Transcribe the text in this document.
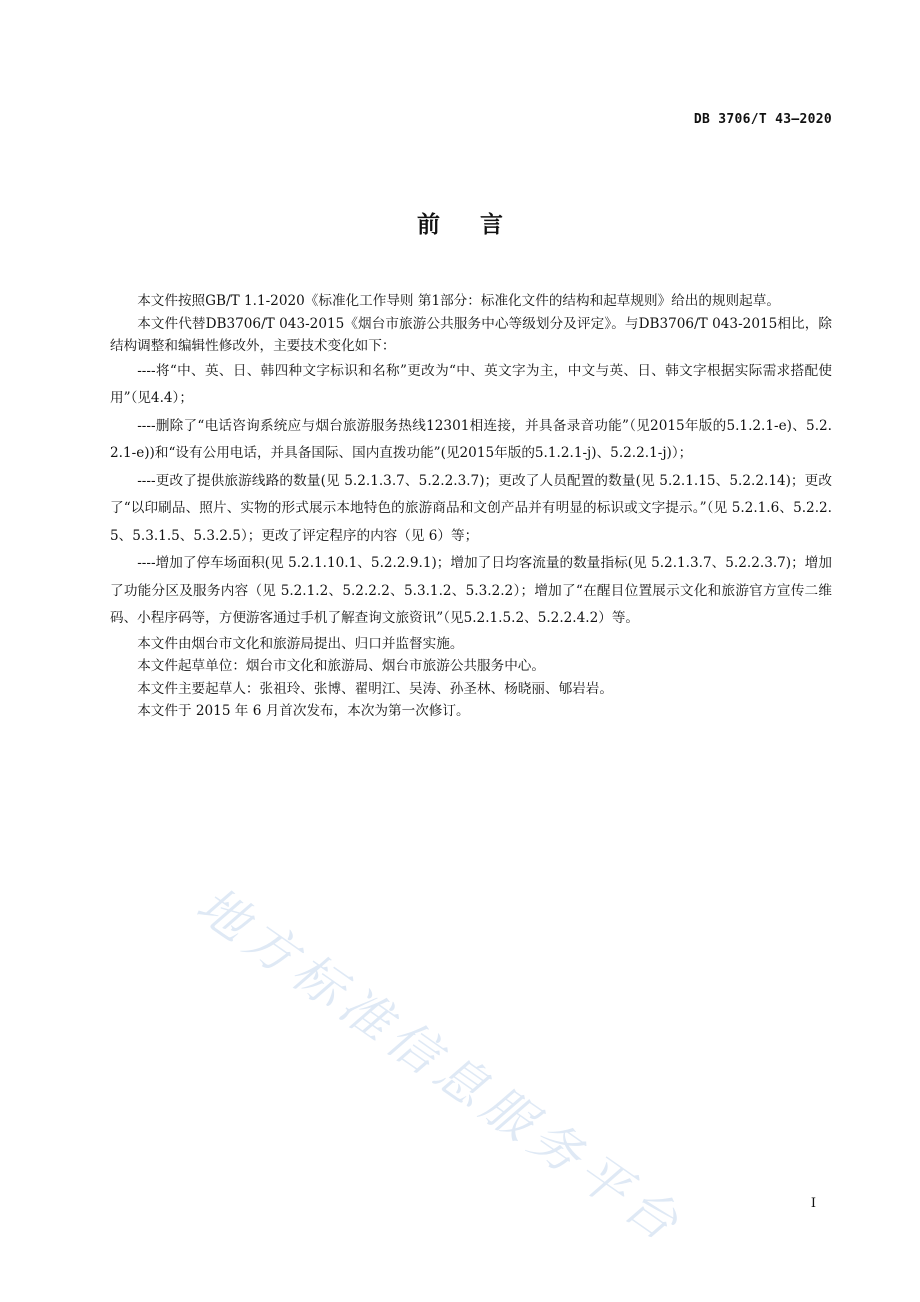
DB 3706/T 43—2020
前言

本文件按照GB/T 1.1-2020《标准化工作导则 第1部分：标准化文件的结构和起草规则》给出的规则起草。

本文件代替DB3706/T 043-2015《烟台市旅游公共服务中心等级划分及评定》。与DB3706/T 043-2015相比，除结构调整和编辑性修改外，主要技术变化如下：

----将“中、英、日、韩四种文字标识和名称”更改为“中、英文字为主，中文与英、日、韩文字根据实际需求搭配使用”（见4.4）；

----删除了“电话咨询系统应与烟台旅游服务热线12301相连接，并具备录音功能”（见2015年版的5.1.2.1-e)、5.2.2.1-e))和“设有公用电话，并具备国际、国内直拨功能”(见2015年版的5.1.2.1-j)、5.2.2.1-j)）；

----更改了提供旅游线路的数量(见 5.2.1.3.7、5.2.2.3.7)；更改了人员配置的数量(见 5.2.1.15、5.2.2.14)；更改了“以印刷品、照片、实物的形式展示本地特色的旅游商品和文创产品并有明显的标识或文字提示。”（见 5.2.1.6、5.2.2.5、5.3.1.5、5.3.2.5）；更改了评定程序的内容（见 6）等；

----增加了停车场面积(见 5.2.1.10.1、5.2.2.9.1)；增加了日均客流量的数量指标(见 5.2.1.3.7、5.2.2.3.7)；增加了功能分区及服务内容（见 5.2.1.2、5.2.2.2、5.3.1.2、5.3.2.2）；增加了“在醒目位置展示文化和旅游官方宣传二维码、小程序码等，方便游客通过手机了解查询文旅资讯”（见5.2.1.5.2、5.2.2.4.2）等。

本文件由烟台市文化和旅游局提出、归口并监督实施。

本文件起草单位：烟台市文化和旅游局、烟台市旅游公共服务中心。

本文件主要起草人：张祖玲、张博、翟明江、吴涛、孙圣林、杨晓丽、郇岩岩。

本文件于 2015 年 6 月首次发布，本次为第一次修订。

地方标准信息服务平台	I
